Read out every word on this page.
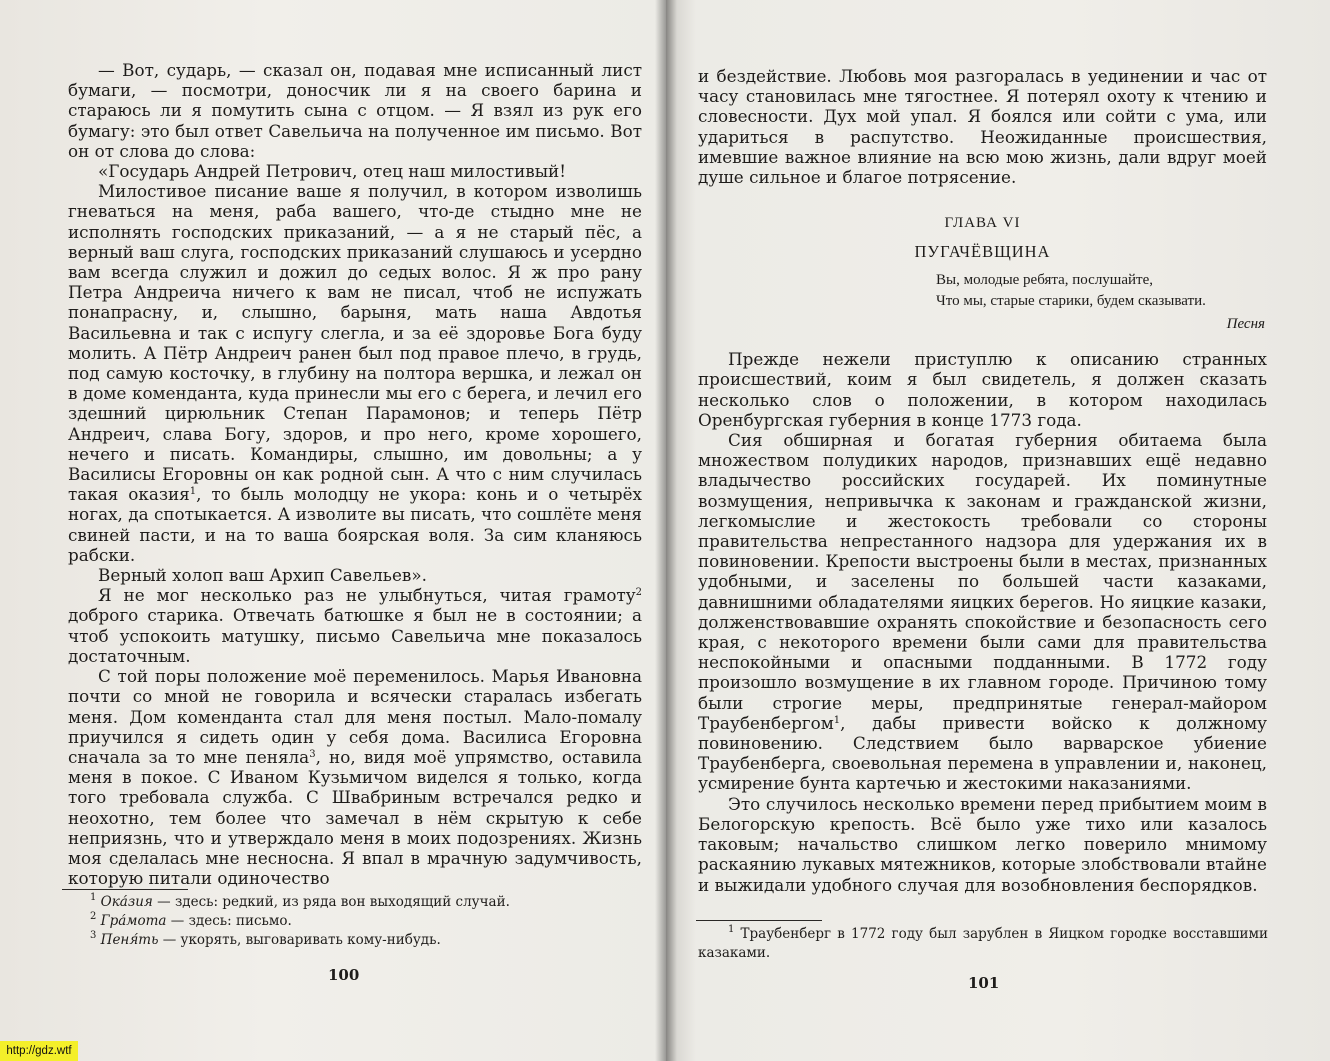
— Вот, сударь, — сказал он, подавая мне исписанный лист бумаги, — посмотри, доносчик ли я на своего барина и стараюсь ли я помутить сына с отцом. — Я взял из рук его бумагу: это был ответ Савельича на полученное им письмо. Вот он от слова до слова:

«Государь Андрей Петрович, отец наш милостивый!

Милостивое писание ваше я получил, в котором изволишь гневаться на меня, раба вашего, что-де стыдно мне не исполнять господских приказаний, — а я не старый пёс, а верный ваш слуга, господских приказаний слушаюсь и усердно вам всегда служил и дожил до седых волос. Я ж про рану Петра Андреича ничего к вам не писал, чтоб не испужать понапрасну, и, слышно, барыня, мать наша Авдотья Васильевна и так с испугу слегла, и за её здоровье Бога буду молить. А Пётр Андреич ранен был под правое плечо, в грудь, под самую косточку, в глубину на полтора вершка, и лежал он в доме коменданта, куда принесли мы его с берега, и лечил его здешний цирюльник Степан Парамонов; и теперь Пётр Андреич, слава Богу, здоров, и про него, кроме хорошего, нечего и писать. Командиры, слышно, им довольны; а у Василисы Егоровны он как родной сын. А что с ним случилась такая оказия$^1$, то быль молодцу не укора: конь и о четырёх ногах, да спотыкается. А изволите вы писать, что сошлёте меня свиней пасти, и на то ваша боярская воля. За сим кланяюсь рабски.

Верный холоп ваш Архип Савельев».

Я не мог несколько раз не улыбнуться, читая грамоту$^2$ доброго старика. Отвечать батюшке я был не в состоянии; а чтоб успокоить матушку, письмо Савельича мне показалось достаточным.

С той поры положение моё переменилось. Марья Ивановна почти со мной не говорила и всячески старалась избегать меня. Дом коменданта стал для меня постыл. Мало-помалу приучился я сидеть один у себя дома. Василиса Егоровна сначала за то мне пеняла$^3$, но, видя моё упрямство, оставила меня в покое. С Иваном Кузьмичом виделся я только, когда того требовала служба. С Швабриным встречался редко и неохотно, тем более что замечал в нём скрытую к себе неприязнь, что и утверждало меня в моих подозрениях. Жизнь моя сделалась мне несносна. Я впал в мрачную задумчивость, которую питали одиночество

$^1$ Ока́зия — здесь: редкий, из ряда вон выходящий случай.
$^2$ Гра́мота — здесь: письмо.
$^3$ Пеня́ть — укорять, выговаривать кому-нибудь.
100

и бездействие. Любовь моя разгоралась в уединении и час от часу становилась мне тягостнее. Я потерял охоту к чтению и словесности. Дух мой упал. Я боялся или сойти с ума, или удариться в распутство. Неожиданные происшествия, имевшие важное влияние на всю мою жизнь, дали вдруг моей душе сильное и благое потрясение.

ГЛАВА VI
ПУГАЧЁВЩИНА
Вы, молодые ребята, послушайте,
Что мы, старые старики, будем сказывати.
Песня

Прежде нежели приступлю к описанию странных происшествий, коим я был свидетель, я должен сказать несколько слов о положении, в котором находилась Оренбургская губерния в конце 1773 года.

Сия обширная и богатая губерния обитаема была множеством полудиких народов, признавших ещё недавно владычество российских государей. Их поминутные возмущения, непривычка к законам и гражданской жизни, легкомыслие и жестокость требовали со стороны правительства непрестанного надзора для удержания их в повиновении. Крепости выстроены были в местах, признанных удобными, и заселены по большей части казаками, давнишними обладателями яицких берегов. Но яицкие казаки, долженствовавшие охранять спокойствие и безопасность сего края, с некоторого времени были сами для правительства неспокойными и опасными подданными. В 1772 году произошло возмущение в их главном городе. Причиною тому были строгие меры, предпринятые генерал-майором Траубенбергом$^1$, дабы привести войско к должному повиновению. Следствием было варварское убиение Траубенберга, своевольная перемена в управлении и, наконец, усмирение бунта картечью и жестокими наказаниями.

Это случилось несколько времени перед прибытием моим в Белогорскую крепость. Всё было уже тихо или казалось таковым; начальство слишком легко поверило мнимому раскаянию лукавых мятежников, которые злобствовали втайне и выжидали удобного случая для возобновления беспорядков.

$^1$ Траубенберг в 1772 году был зарублен в Яицком городке восставшими казаками.
101
http://gdz.wtf
